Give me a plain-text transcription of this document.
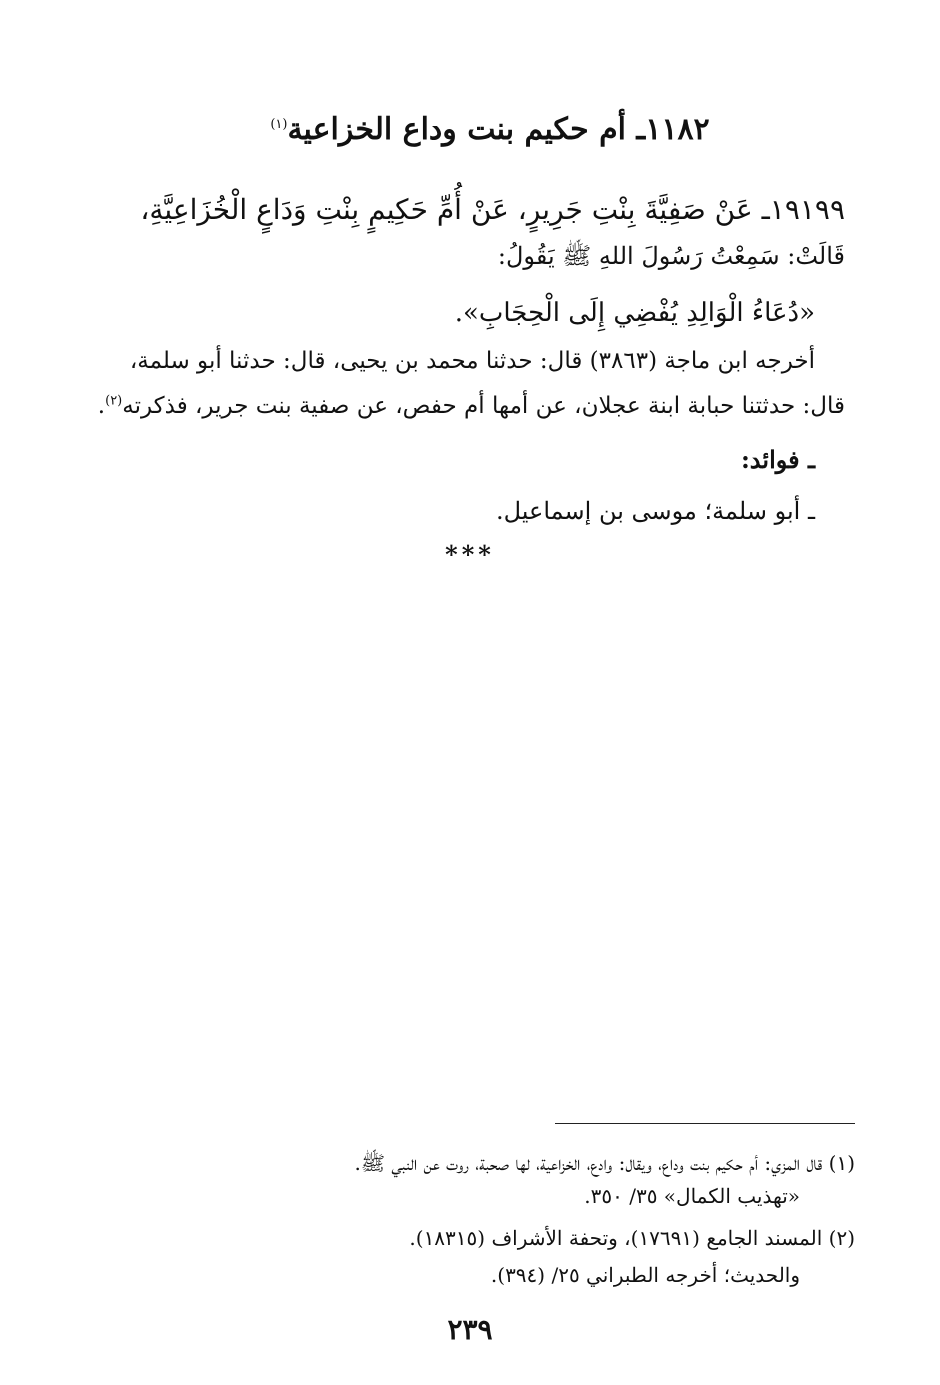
١١٨٢ـ أم حكيم بنت وداع الخزاعية$^{(١)}$
١٩١٩٩ـ عَنْ صَفِيَّةَ بِنْتِ جَرِيرٍ، عَنْ أُمِّ حَكِيمٍ بِنْتِ وَدَاعٍ الْخُزَاعِيَّةِ،
قَالَتْ: سَمِعْتُ رَسُولَ اللهِ ﷺ يَقُولُ:
«دُعَاءُ الْوَالِدِ يُفْضِي إِلَى الْحِجَابِ».
أخرجه ابن ماجة (٣٨٦٣) قال: حدثنا محمد بن يحيى، قال: حدثنا أبو سلمة،
قال: حدثتنا حبابة ابنة عجلان، عن أمها أم حفص، عن صفية بنت جرير، فذكرته$^{(٢)}$.
ـ فوائد:
ـ أبو سلمة؛ موسى بن إسماعيل.
***
(١) قال المزي: أم حكيم بنت وداع، ويقال: وادع، الخزاعية، لها صحبة، روت عن النبي ﷺ.
«تهذيب الكمال» ٣٥/ ٣٥٠.
(٢) المسند الجامع (١٧٦٩١)، وتحفة الأشراف (١٨٣١٥).
والحديث؛ أخرجه الطبراني ٢٥/ (٣٩٤).
٢٣٩
